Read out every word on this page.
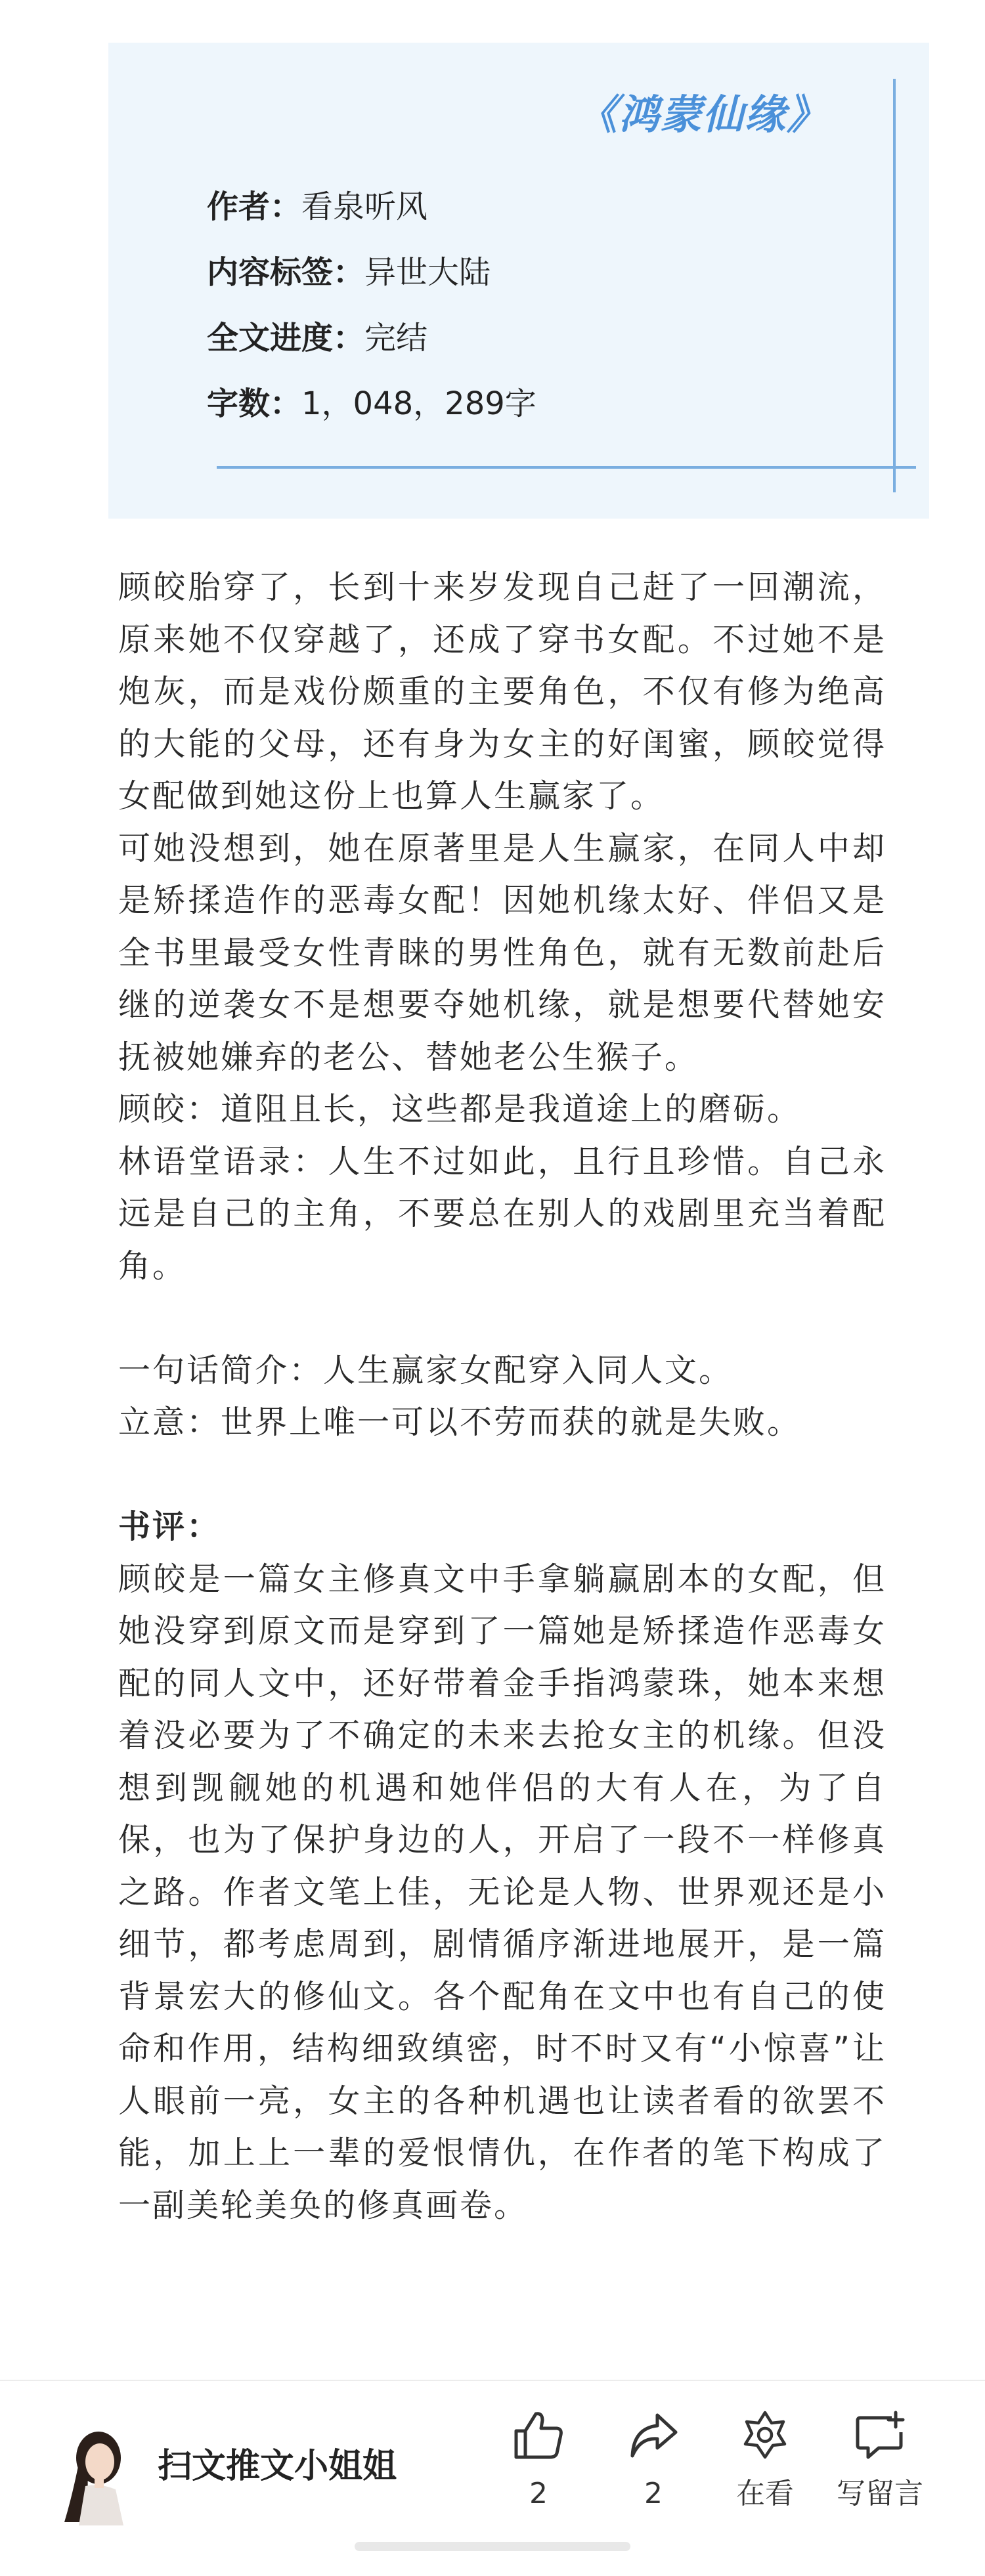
《鸿蒙仙缘》
作者：看泉听风
内容标签：异世大陆
全文进度：完结
字数：1，048，289字

顾皎胎穿了，长到十来岁发现自己赶了一回潮流，原来她不仅穿越了，还成了穿书女配。不过她不是炮灰，而是戏份颇重的主要角色，不仅有修为绝高的大能的父母，还有身为女主的好闺蜜，顾皎觉得女配做到她这份上也算人生赢家了。

可她没想到，她在原著里是人生赢家，在同人中却是矫揉造作的恶毒女配！因她机缘太好、伴侣又是全书里最受女性青睐的男性角色，就有无数前赴后继的逆袭女不是想要夺她机缘，就是想要代替她安抚被她嫌弃的老公、替她老公生猴子。

顾皎：道阻且长，这些都是我道途上的磨砺。

林语堂语录：人生不过如此，且行且珍惜。自己永远是自己的主角，不要总在别人的戏剧里充当着配角。

一句话简介：人生赢家女配穿入同人文。

立意：世界上唯一可以不劳而获的就是失败。

书评：

顾皎是一篇女主修真文中手拿躺赢剧本的女配，但她没穿到原文而是穿到了一篇她是矫揉造作恶毒女配的同人文中，还好带着金手指鸿蒙珠，她本来想着没必要为了不确定的未来去抢女主的机缘。但没想到觊觎她的机遇和她伴侣的大有人在，为了自保，也为了保护身边的人，开启了一段不一样修真之路。作者文笔上佳，无论是人物、世界观还是小细节，都考虑周到，剧情循序渐进地展开，是一篇背景宏大的修仙文。各个配角在文中也有自己的使命和作用，结构细致缜密，时不时又有“小惊喜”让人眼前一亮，女主的各种机遇也让读者看的欲罢不能，加上上一辈的爱恨情仇，在作者的笔下构成了一副美轮美奂的修真画卷。

扫文推文小姐姐
2	2	在看	写留言
